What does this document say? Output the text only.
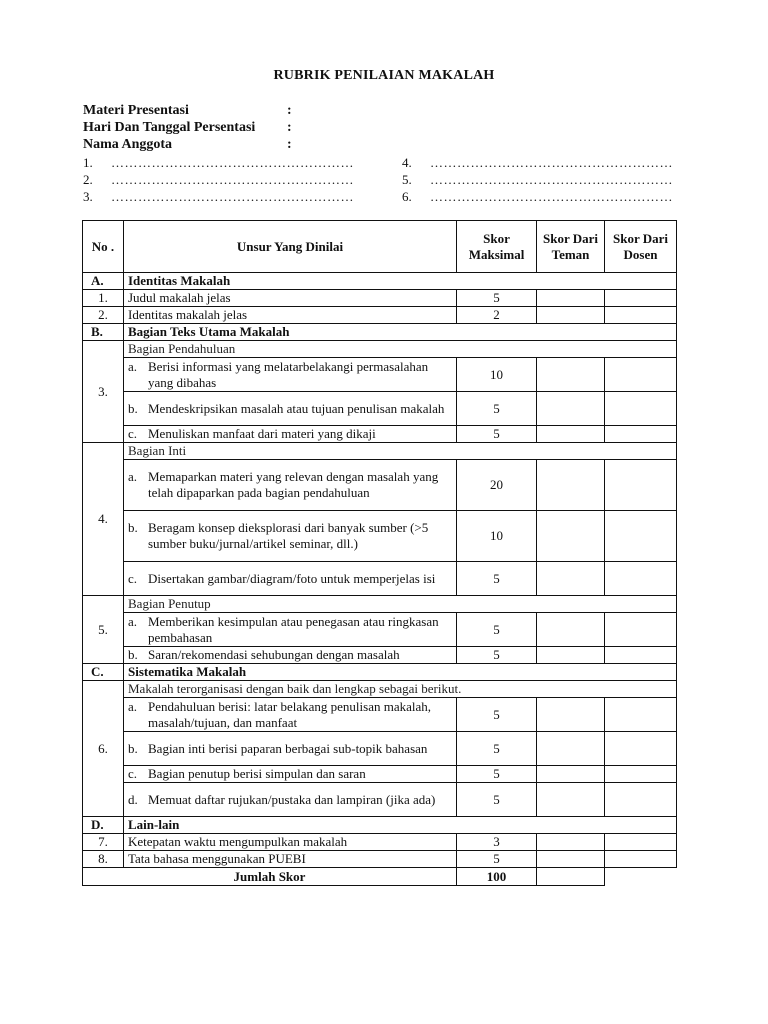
RUBRIK PENILAIAN MAKALAH
Materi Presentasi	:
Hari Dan Tanggal Persentasi :
Nama Anggota	:
1. ………………………………………………
2. ………………………………………………
3. ………………………………………………
4. ………………………………………………
5. ………………………………………………
6. ………………………………………………
No .	Unsur Yang Dinilai	Skor Maksimal	Skor Dari Teman	Skor Dari Dosen
A.	Identitas Makalah			
1.	Judul makalah jelas	5		
2.	Identitas makalah jelas	2		
B.	Bagian Teks Utama Makalah			
3.	Bagian Pendahuluan			

	a. Berisi informasi yang melatarbelakangi permasalahan yang dibahas	10		

	b. Mendeskripsikan masalah atau tujuan penulisan makalah	5		

	c. Menuliskan manfaat dari materi yang dikaji	5		
4.	Bagian Inti			

	a. Memaparkan materi yang relevan dengan masalah yang telah dipaparkan pada bagian pendahuluan	20		

	b. Beragam konsep dieksplorasi dari banyak sumber (>5 sumber buku/jurnal/artikel seminar, dll.)	10		

	c. Disertakan gambar/diagram/foto untuk memperjelas isi	5		
5.	Bagian Penutup			

	a. Memberikan kesimpulan atau penegasan atau ringkasan pembahasan	5		

	b. Saran/rekomendasi sehubungan dengan masalah	5		
C.	Sistematika Makalah			
6.	Makalah terorganisasi dengan baik dan lengkap sebagai berikut.			

	a. Pendahuluan berisi: latar belakang penulisan makalah, masalah/tujuan, dan manfaat	5		

	b. Bagian inti berisi paparan berbagai sub-topik bahasan	5		

	c. Bagian penutup berisi simpulan dan saran	5		

	d. Memuat daftar rujukan/pustaka dan lampiran (jika ada)	5		
D.	Lain-lain			
7.	Ketepatan waktu mengumpulkan makalah	3		
8.	Tata bahasa menggunakan PUEBI	5		
Jumlah Skor		100		
